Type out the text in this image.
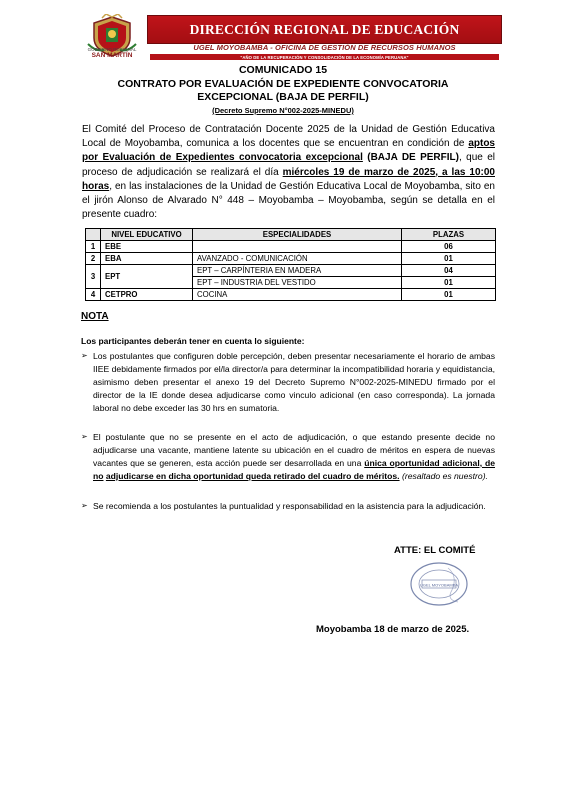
GOBIERNO REGIONAL
SAN MARTÍN
DIRECCIÓN REGIONAL DE EDUCACIÓN
UGEL MOYOBAMBA - OFICINA DE GESTIÓN DE RECURSOS HUMANOS
"AÑO DE LA RECUPERACIÓN Y CONSOLIDACIÓN DE LA ECONOMÍA PERUANA"
COMUNICADO 15
CONTRATO POR EVALUACIÓN DE EXPEDIENTE CONVOCATORIA
EXCEPCIONAL (BAJA DE PERFIL)
(Decreto Supremo N°002-2025-MINEDU)
El Comité del Proceso de Contratación Docente 2025 de la Unidad de Gestión Educativa Local de Moyobamba, comunica a los docentes que se encuentran en condición de aptos por Evaluación de Expedientes convocatoria excepcional (BAJA DE PERFIL), que el proceso de adjudicación se realizará el día miércoles 19 de marzo de 2025, a las 10:00 horas, en las instalaciones de la Unidad de Gestión Educativa Local de Moyobamba, sito en el jirón Alonso de Alvarado N° 448 – Moyobamba – Moyobamba, según se detalla en el presente cuadro:
	NIVEL EDUCATIVO	ESPECIALIDADES	PLAZAS
1	EBE		06
2	EBA	AVANZADO - COMUNICACIÓN	01
3	EPT	EPT – CARPÍNTERIA EN MADERA	04
		EPT – INDUSTRIA DEL VESTIDO	01
4	CETPRO	COCINA	01
NOTA
Los participantes deberán tener en cuenta lo siguiente:
➢ Los postulantes que configuren doble percepción, deben presentar necesariamente el horario de ambas IIEE debidamente firmados por el/la director/a para determinar la incompatibilidad horaria y equidistancia, asimismo deben presentar el anexo 19 del Decreto Supremo N°002-2025-MINEDU firmado por el director de la IE donde desea adjudicarse como vinculo adicional (en caso corresponda). La jornada laboral no debe exceder las 30 hrs en sumatoria.
➢ El postulante que no se presente en el acto de adjudicación, o que estando presente decide no adjudicarse una vacante, mantiene latente su ubicación en el cuadro de méritos en espera de nuevas vacantes que se generen, esta acción puede ser desarrollada en una única oportunidad adicional, de no adjudicarse en dicha oportunidad queda retirado del cuadro de méritos. (resaltado es nuestro).
➢ Se recomienda a los postulantes la puntualidad y responsabilidad en la asistencia para la adjudicación.
ATTE: EL COMITÉ
UGEL MOYOBAMBA
Moyobamba 18 de marzo de 2025.
